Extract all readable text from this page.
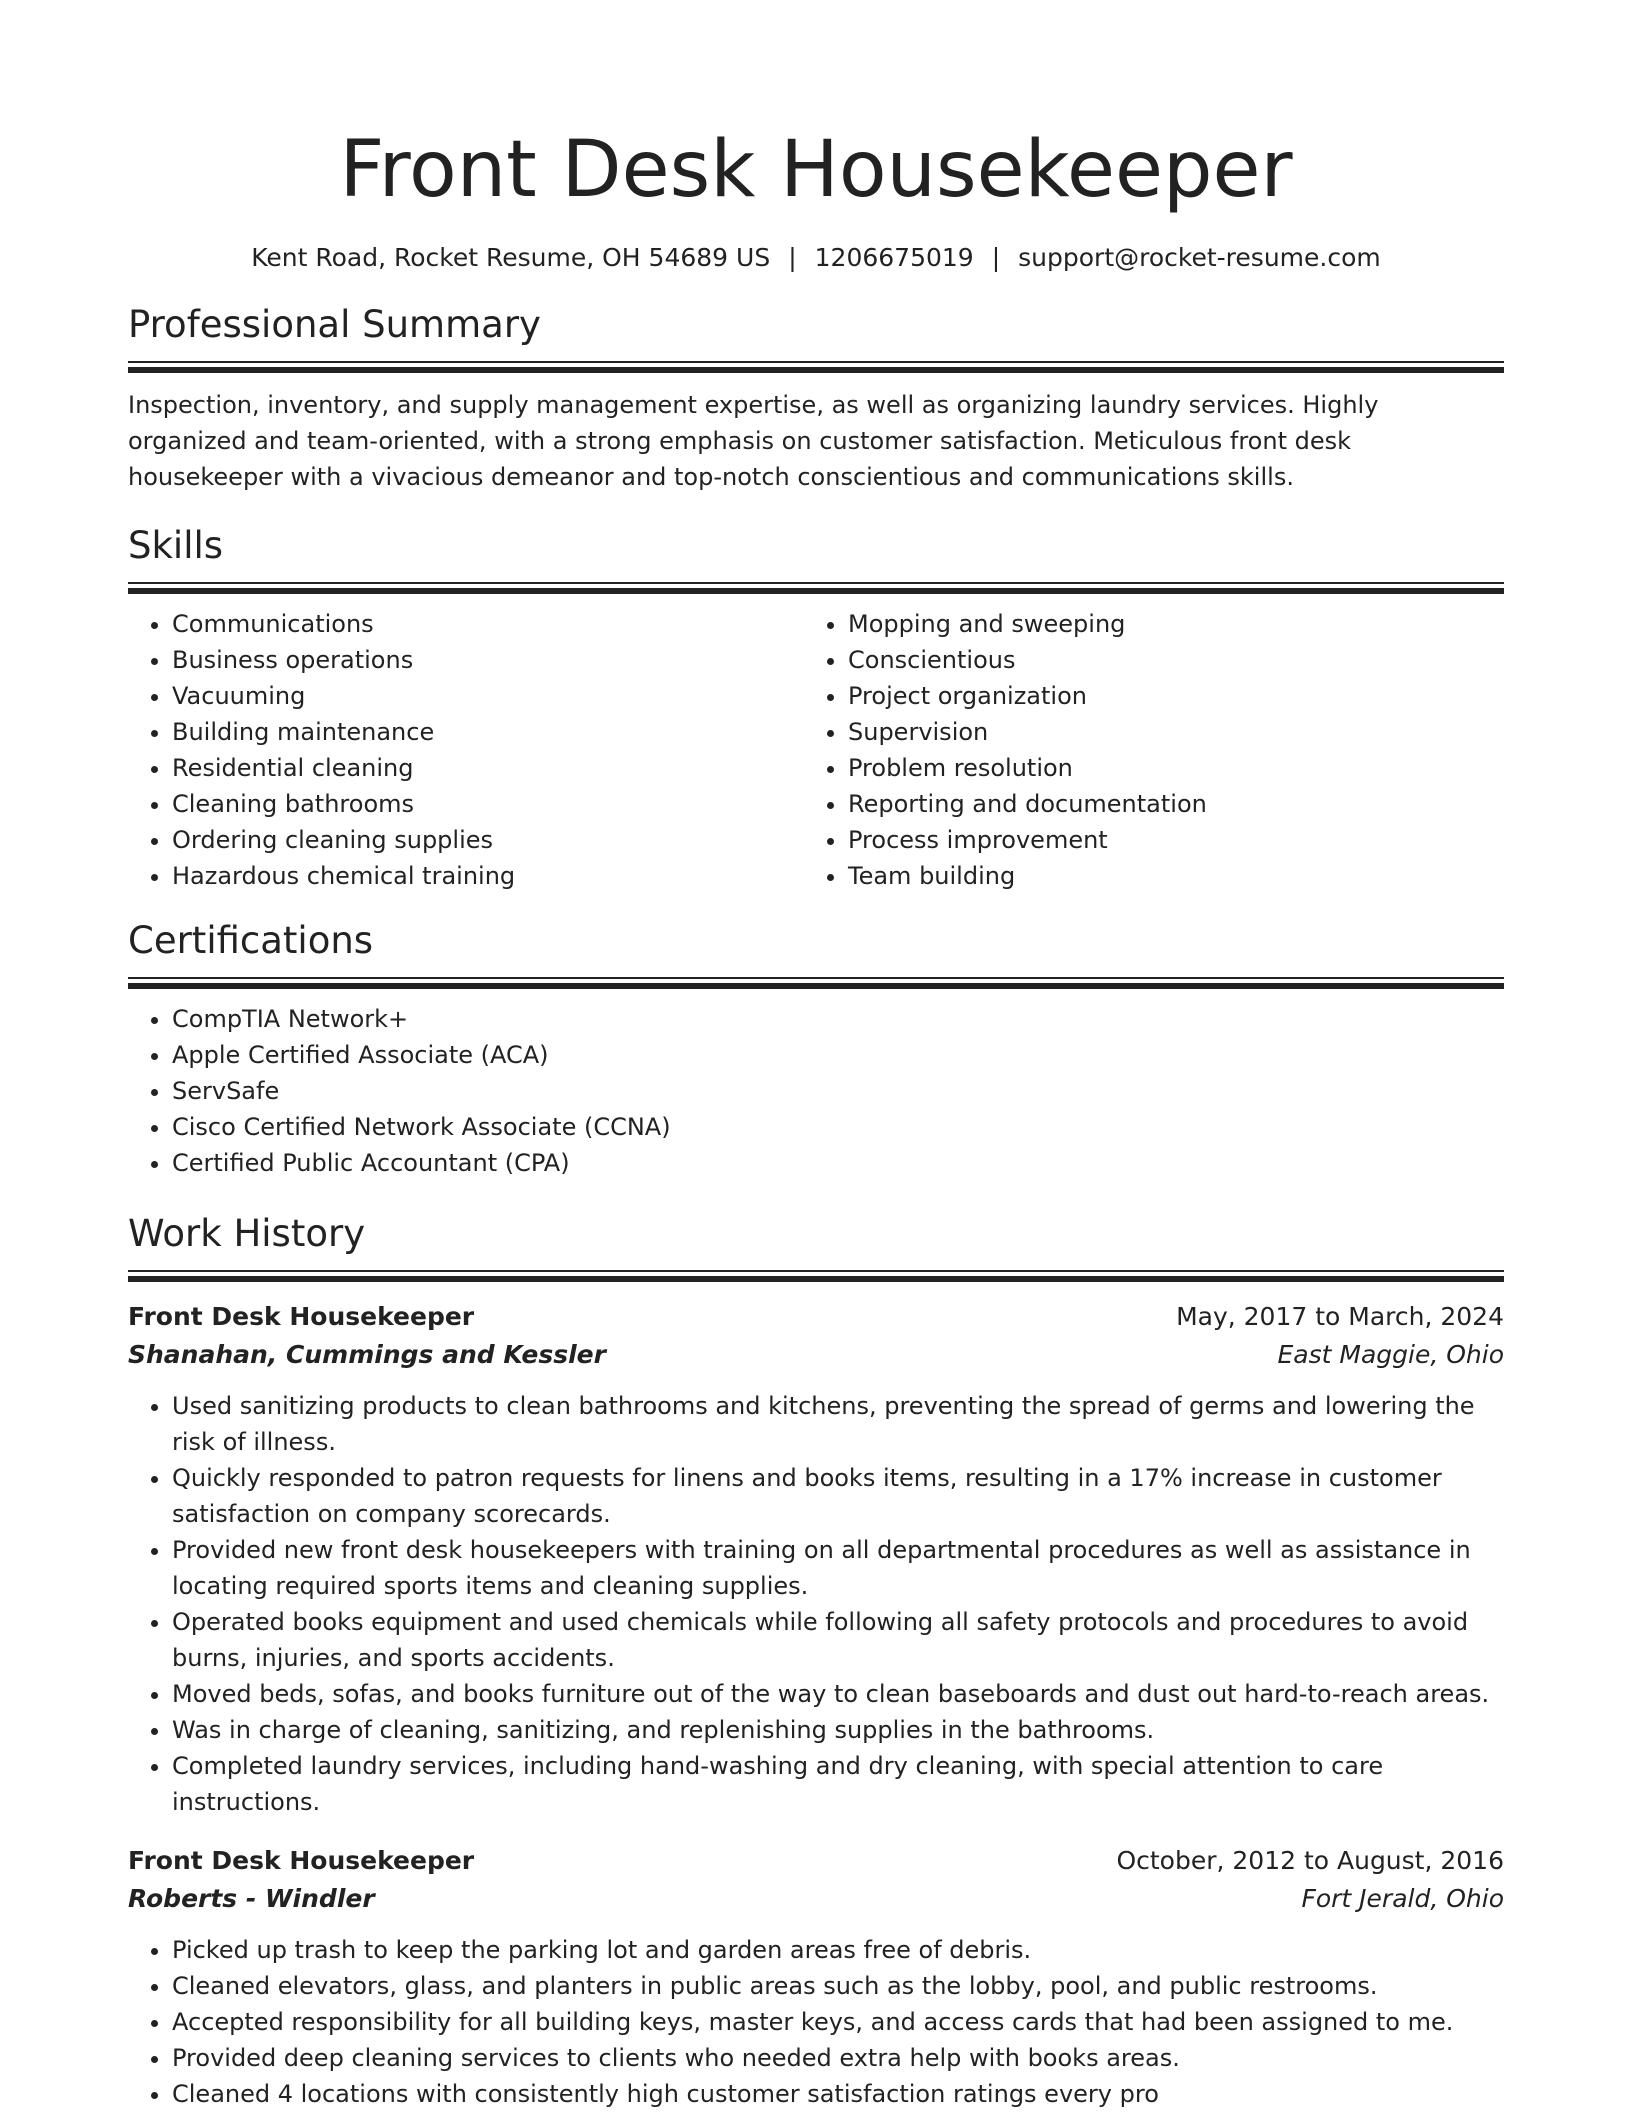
Front Desk Housekeeper
Kent Road, Rocket Resume, OH 54689 US | 1206675019 | support@rocket-resume.com
Professional Summary
Inspection, inventory, and supply management expertise, as well as organizing laundry services. Highly organized and team-oriented, with a strong emphasis on customer satisfaction. Meticulous front desk housekeeper with a vivacious demeanor and top-notch conscientious and communications skills.
Skills
• Communications
• Business operations
• Vacuuming
• Building maintenance
• Residential cleaning
• Cleaning bathrooms
• Ordering cleaning supplies
• Hazardous chemical training
• Mopping and sweeping
• Conscientious
• Project organization
• Supervision
• Problem resolution
• Reporting and documentation
• Process improvement
• Team building
Certifications
• CompTIA Network+
• Apple Certified Associate (ACA)
• ServSafe
• Cisco Certified Network Associate (CCNA)
• Certified Public Accountant (CPA)
Work History
Front Desk Housekeeper	May, 2017 to March, 2024
Shanahan, Cummings and Kessler	East Maggie, Ohio
• Used sanitizing products to clean bathrooms and kitchens, preventing the spread of germs and lowering the risk of illness.
• Quickly responded to patron requests for linens and books items, resulting in a 17% increase in customer satisfaction on company scorecards.
• Provided new front desk housekeepers with training on all departmental procedures as well as assistance in locating required sports items and cleaning supplies.
• Operated books equipment and used chemicals while following all safety protocols and procedures to avoid burns, injuries, and sports accidents.
• Moved beds, sofas, and books furniture out of the way to clean baseboards and dust out hard-to-reach areas.
• Was in charge of cleaning, sanitizing, and replenishing supplies in the bathrooms.
• Completed laundry services, including hand-washing and dry cleaning, with special attention to care instructions.
Front Desk Housekeeper	October, 2012 to August, 2016
Roberts - Windler	Fort Jerald, Ohio
• Picked up trash to keep the parking lot and garden areas free of debris.
• Cleaned elevators, glass, and planters in public areas such as the lobby, pool, and public restrooms.
• Accepted responsibility for all building keys, master keys, and access cards that had been assigned to me.
• Provided deep cleaning services to clients who needed extra help with books areas.
• Cleaned 4 locations with consistently high customer satisfaction ratings every pro
